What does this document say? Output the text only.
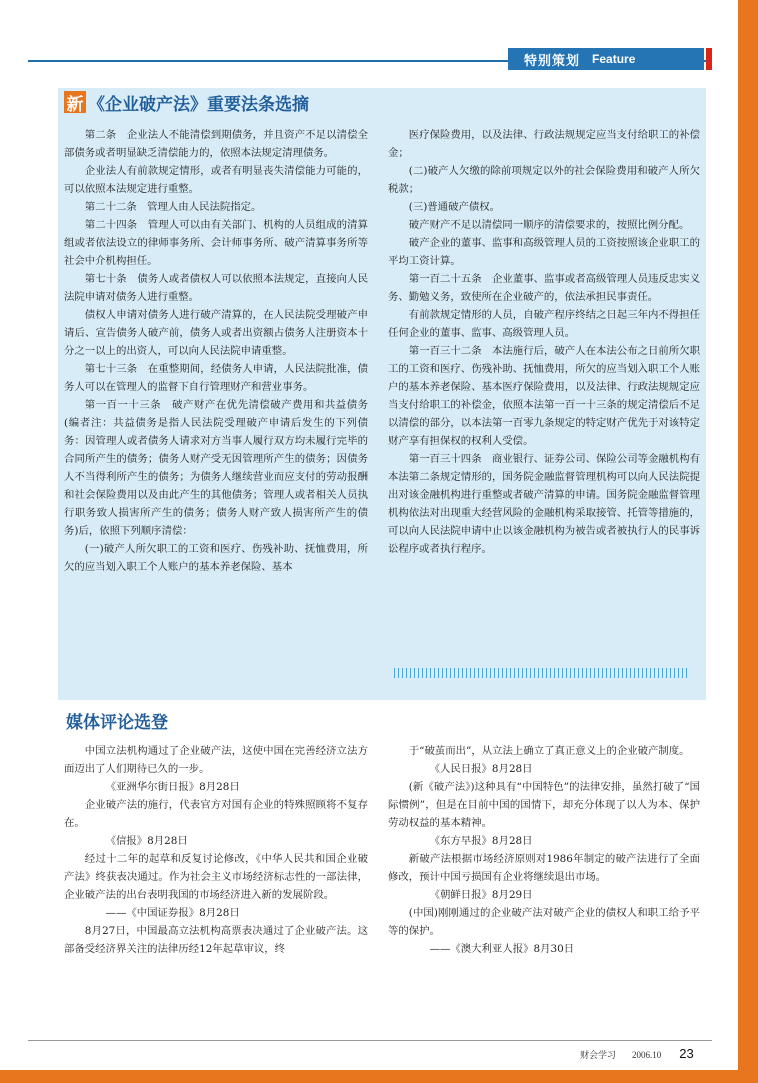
特别策划 Feature
新 《企业破产法》重要法条选摘

第二条　企业法人不能清偿到期债务，并且资产不足以清偿全部债务或者明显缺乏清偿能力的，依照本法规定清理债务。

企业法人有前款规定情形，或者有明显丧失清偿能力可能的，可以依照本法规定进行重整。

第二十二条　管理人由人民法院指定。

第二十四条　管理人可以由有关部门、机构的人员组成的清算组或者依法设立的律师事务所、会计师事务所、破产清算事务所等社会中介机构担任。

第七十条　债务人或者债权人可以依照本法规定，直接向人民法院申请对债务人进行重整。

债权人申请对债务人进行破产清算的，在人民法院受理破产申请后、宣告债务人破产前，债务人或者出资额占债务人注册资本十分之一以上的出资人，可以向人民法院申请重整。

第七十三条　在重整期间，经债务人申请，人民法院批准，债务人可以在管理人的监督下自行管理财产和营业事务。

第一百一十三条　破产财产在优先清偿破产费用和共益债务(编者注：共益债务是指人民法院受理破产申请后发生的下列债务：因管理人或者债务人请求对方当事人履行双方均未履行完毕的合同所产生的债务；债务人财产受无因管理所产生的债务；因债务人不当得利所产生的债务；为债务人继续营业而应支付的劳动报酬和社会保险费用以及由此产生的其他债务；管理人或者相关人员执行职务致人损害所产生的债务；债务人财产致人损害所产生的债务)后，依照下列顺序清偿：

(一)破产人所欠职工的工资和医疗、伤残补助、抚恤费用，所欠的应当划入职工个人账户的基本养老保险、基本

医疗保险费用，以及法律、行政法规规定应当支付给职工的补偿金；

(二)破产人欠缴的除前项规定以外的社会保险费用和破产人所欠税款；

(三)普通破产债权。

破产财产不足以清偿同一顺序的清偿要求的，按照比例分配。

破产企业的董事、监事和高级管理人员的工资按照该企业职工的平均工资计算。

第一百二十五条　企业董事、监事或者高级管理人员违反忠实义务、勤勉义务，致使所在企业破产的，依法承担民事责任。

有前款规定情形的人员，自破产程序终结之日起三年内不得担任任何企业的董事、监事、高级管理人员。

第一百三十二条　本法施行后，破产人在本法公布之日前所欠职工的工资和医疗、伤残补助、抚恤费用，所欠的应当划入职工个人账户的基本养老保险、基本医疗保险费用，以及法律、行政法规规定应当支付给职工的补偿金，依照本法第一百一十三条的规定清偿后不足以清偿的部分，以本法第一百零九条规定的特定财产优先于对该特定财产享有担保权的权利人受偿。

第一百三十四条　商业银行、证券公司、保险公司等金融机构有本法第二条规定情形的，国务院金融监督管理机构可以向人民法院提出对该金融机构进行重整或者破产清算的申请。国务院金融监督管理机构依法对出现重大经营风险的金融机构采取接管、托管等措施的，可以向人民法院申请中止以该金融机构为被告或者被执行人的民事诉讼程序或者执行程序。

媒体评论选登

中国立法机构通过了企业破产法，这使中国在完善经济立法方面迈出了人们期待已久的一步。

《亚洲华尔街日报》8月28日

企业破产法的施行，代表官方对国有企业的特殊照顾将不复存在。

《信报》8月28日

经过十二年的起草和反复讨论修改，《中华人民共和国企业破产法》终获表决通过。作为社会主义市场经济标志性的一部法律，企业破产法的出台表明我国的市场经济进入新的发展阶段。

——《中国证券报》8月28日

8月27日，中国最高立法机构高票表决通过了企业破产法。这部备受经济界关注的法律历经12年起草审议，终

于“破茧而出”，从立法上确立了真正意义上的企业破产制度。

《人民日报》8月28日

(新《破产法》)这种具有“中国特色”的法律安排，虽然打破了“国际惯例”，但是在目前中国的国情下，却充分体现了以人为本、保护劳动权益的基本精神。

《东方早报》8月28日

新破产法根据市场经济原则对1986年制定的破产法进行了全面修改，预计中国亏损国有企业将继续退出市场。

《朝鲜日报》8月29日

(中国)刚刚通过的企业破产法对破产企业的债权人和职工给予平等的保护。

——《澳大利亚人报》8月30日

财会学习 2006.10 23
